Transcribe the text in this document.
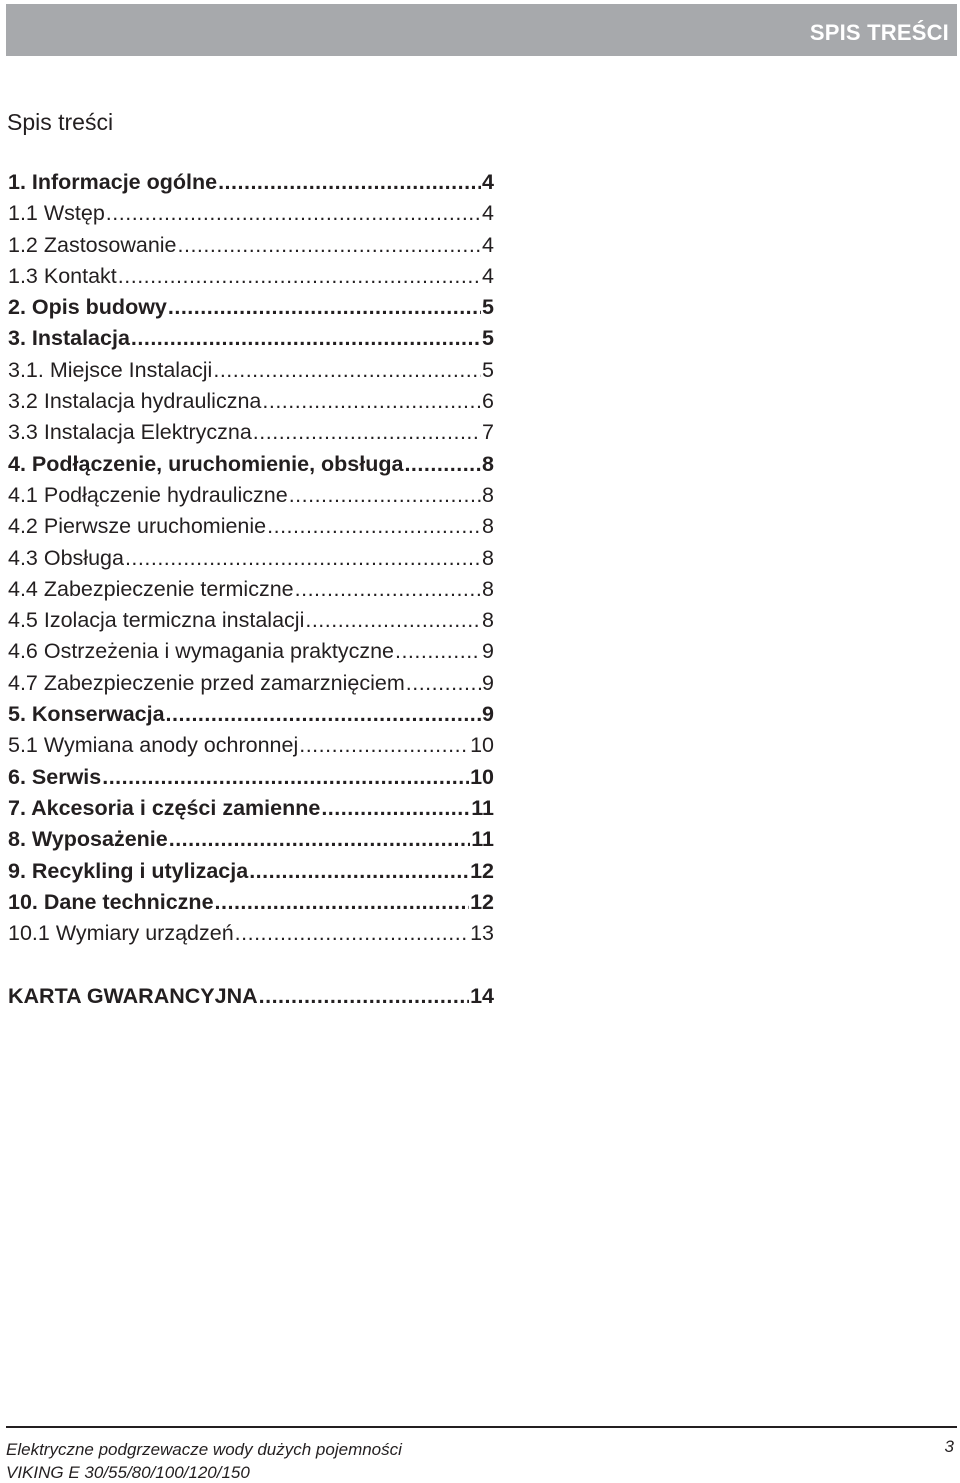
SPIS TREŚCI
Spis treści
1. Informacje ogólne .....	4
1.1 Wstęp .....	4
1.2 Zastosowanie .....	4
1.3 Kontakt .....	4
2. Opis budowy .....	5
3. Instalacja .....	5
3.1. Miejsce Instalacji .....	5
3.2 Instalacja hydrauliczna .....	6
3.3 Instalacja Elektryczna .....	7
4. Podłączenie, uruchomienie, obsługa .....	8
4.1 Podłączenie hydrauliczne .....	8
4.2 Pierwsze uruchomienie .....	8
4.3 Obsługa .....	8
4.4 Zabezpieczenie termiczne .....	8
4.5 Izolacja termiczna instalacji .....	8
4.6 Ostrzeżenia i wymagania praktyczne .....	9
4.7 Zabezpieczenie przed zamarznięciem .....	9
5. Konserwacja .....	9
5.1 Wymiana anody ochronnej .....	10
6. Serwis .....	10
7. Akcesoria i części zamienne .....	11
8. Wyposażenie .....	11
9. Recykling i utylizacja .....	12
10. Dane techniczne .....	12
10.1 Wymiary urządzeń .....	13
KARTA GWARANCYJNA .....	14
Elektryczne podgrzewacze wody dużych pojemności
VIKING E 30/55/80/100/120/150
3
